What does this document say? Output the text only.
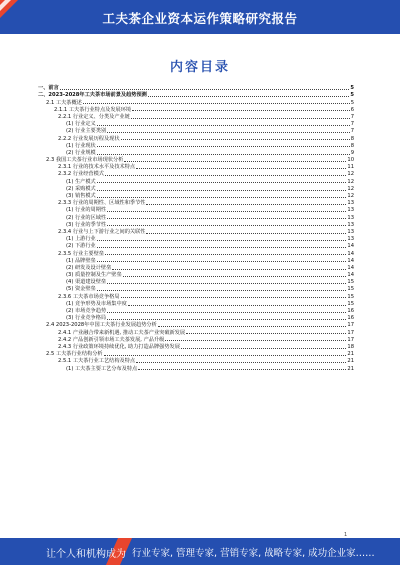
工夫茶企业资本运作策略研究报告
内容目录
一、前言	5
二、2023-2028年工夫茶市场前景及趋势预测	5
2.1 工夫茶概述	5
2.1.1 工夫茶行业特点及发展环境	6
2.2.1 行业定义、分类及产业链	7
(1) 行业定义	7
(2) 行业主要类别	7
2.2.2 行业发展历程及现状	8
(1) 行业现状	8
(2) 行业规模	9
2.3 我国工夫茶行业市场现状分析	10
2.3.1 行业的技术水平及技术特点	11
2.3.2 行业经营模式	12
(1) 生产模式	12
(2) 采购模式	12
(3) 销售模式	12
2.3.3 行业的周期性、区域性和季节性	13
(1) 行业的周期性	13
(2) 行业的区域性	13
(3) 行业的季节性	13
2.3.4 行业与上下游行业之间的关联性	13
(1) 上游行业	13
(2) 下游行业	14
2.3.5 行业主要壁垒	14
(1) 品牌壁垒	14
(2) 研发及设计壁垒	14
(3) 质量控制及生产壁垒	14
(4) 渠道建设壁垒	15
(5) 资金壁垒	15
2.3.6 工夫茶市场竞争格局	15
(1) 竞争形势及市场集中度	15
(2) 市场竞争趋势	16
(3) 行业竞争格局	16
2.4 2023-2028年中国工夫茶行业发展趋势分析	17
2.4.1 产业融合带来新机遇, 推动工夫茶产业突破新发展	17
2.4.2 产品创新引领市场工夫茶发展, 产品升级	17
2.4.3 行业政策环境持续优化, 助力打造品牌强势发展	18
2.5 工夫茶行业结构分析	21
2.5.1 工夫茶行业工艺结构及特点	21
(1) 工夫茶主要工艺分布及特点	21
1
让个人和机构成为 行业专家, 管理专家, 营销专家, 战略专家, 成功企业家……
